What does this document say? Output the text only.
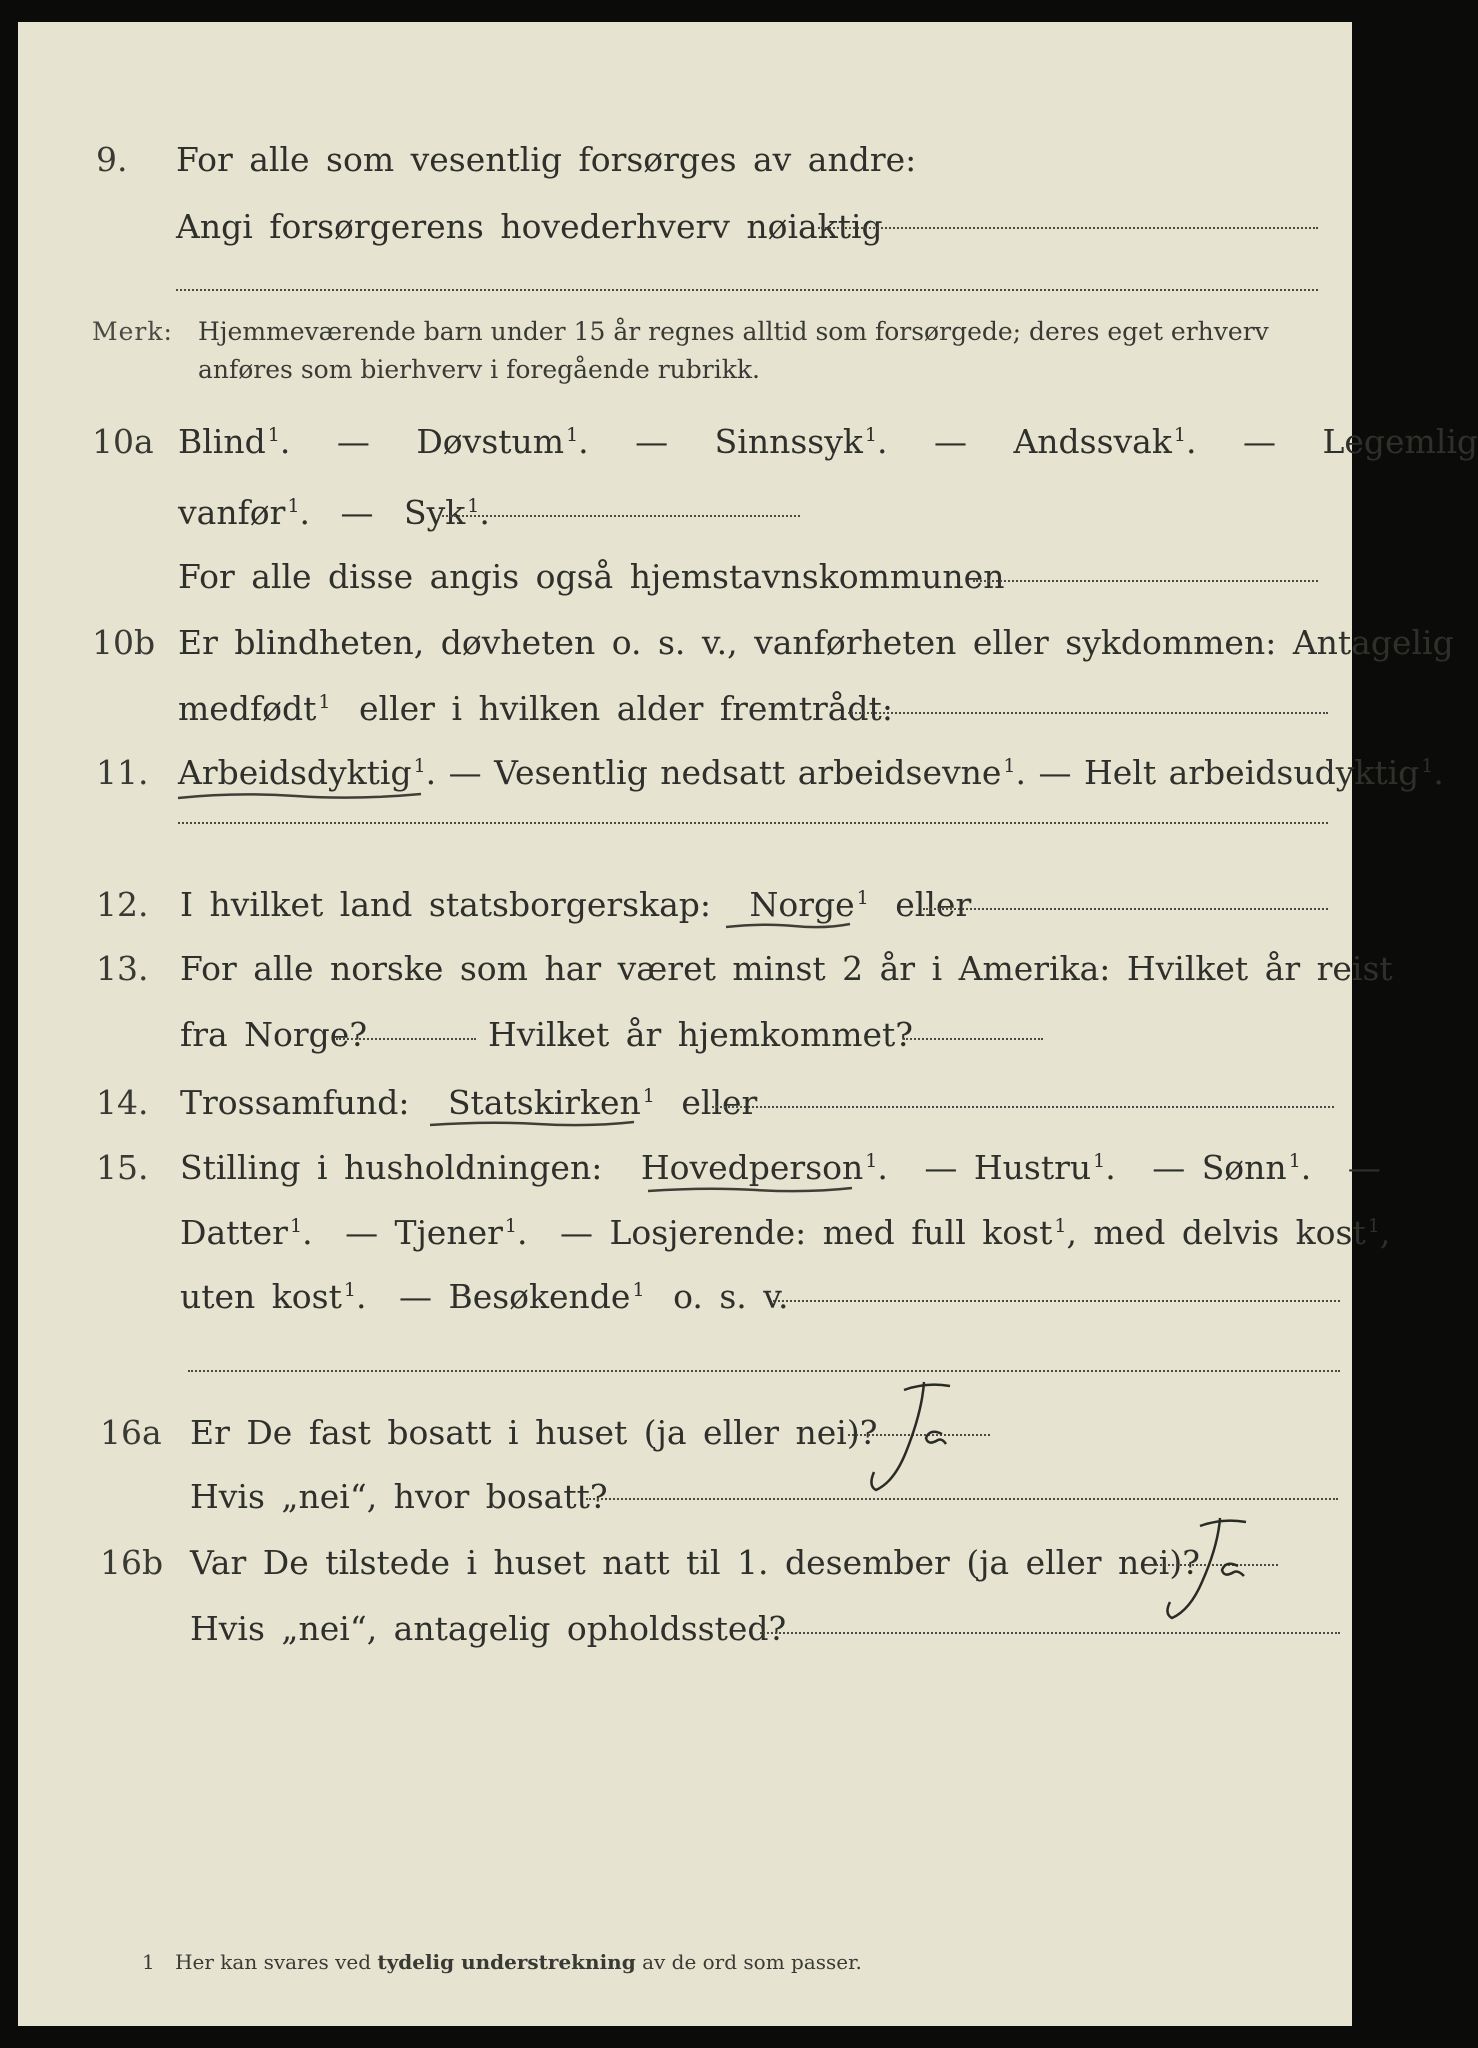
9.	For alle som vesentlig forsørges av andre:
Angi forsørgerens hovederhverv nøiaktig
Merk: Hjemmeværende barn under 15 år regnes alltid som forsørgede; deres eget erhverv
anføres som bierhverv i foregående rubrikk.
10a Blind $^1$. — Døvstum $^1$. — Sinnssyk $^1$. — Andssvak $^1$. — Legemlig
vanfør $^1$. — Syk $^1$.
For alle disse angis også hjemstavnskommunen
10b Er blindheten, døvheten o. s. v., vanførheten eller sykdommen: Antagelig
medfødt $^1$ eller i hvilken alder fremtrådt:
11. Arbeidsdyktig $^1$. — Vesentlig nedsatt arbeidsevne $^1$. — Helt arbeidsudyktig $^1$.
12. I hvilket land statsborgerskap: Norge $^1$ eller
13. For alle norske som har været minst 2 år i Amerika: Hvilket år reist
fra Norge?	Hvilket år hjemkommet?
14. Trossamfund: Statskirken $^1$ eller
15. Stilling i husholdningen: Hovedperson $^1$. — Hustru $^1$. — Sønn $^1$. —
Datter $^1$. — Tjener $^1$. — Losjerende: med full kost $^1$, med delvis kost $^1$,
uten kost $^1$. — Besøkende $^1$ o. s. v.
16a Er De fast bosatt i huset (ja eller nei)?
Hvis „nei“, hvor bosatt?
16b Var De tilstede i huset natt til 1. desember (ja eller nei)?
Hvis „nei“, antagelig opholdssted?
1 Her kan svares ved tydelig understrekning av de ord som passer.
